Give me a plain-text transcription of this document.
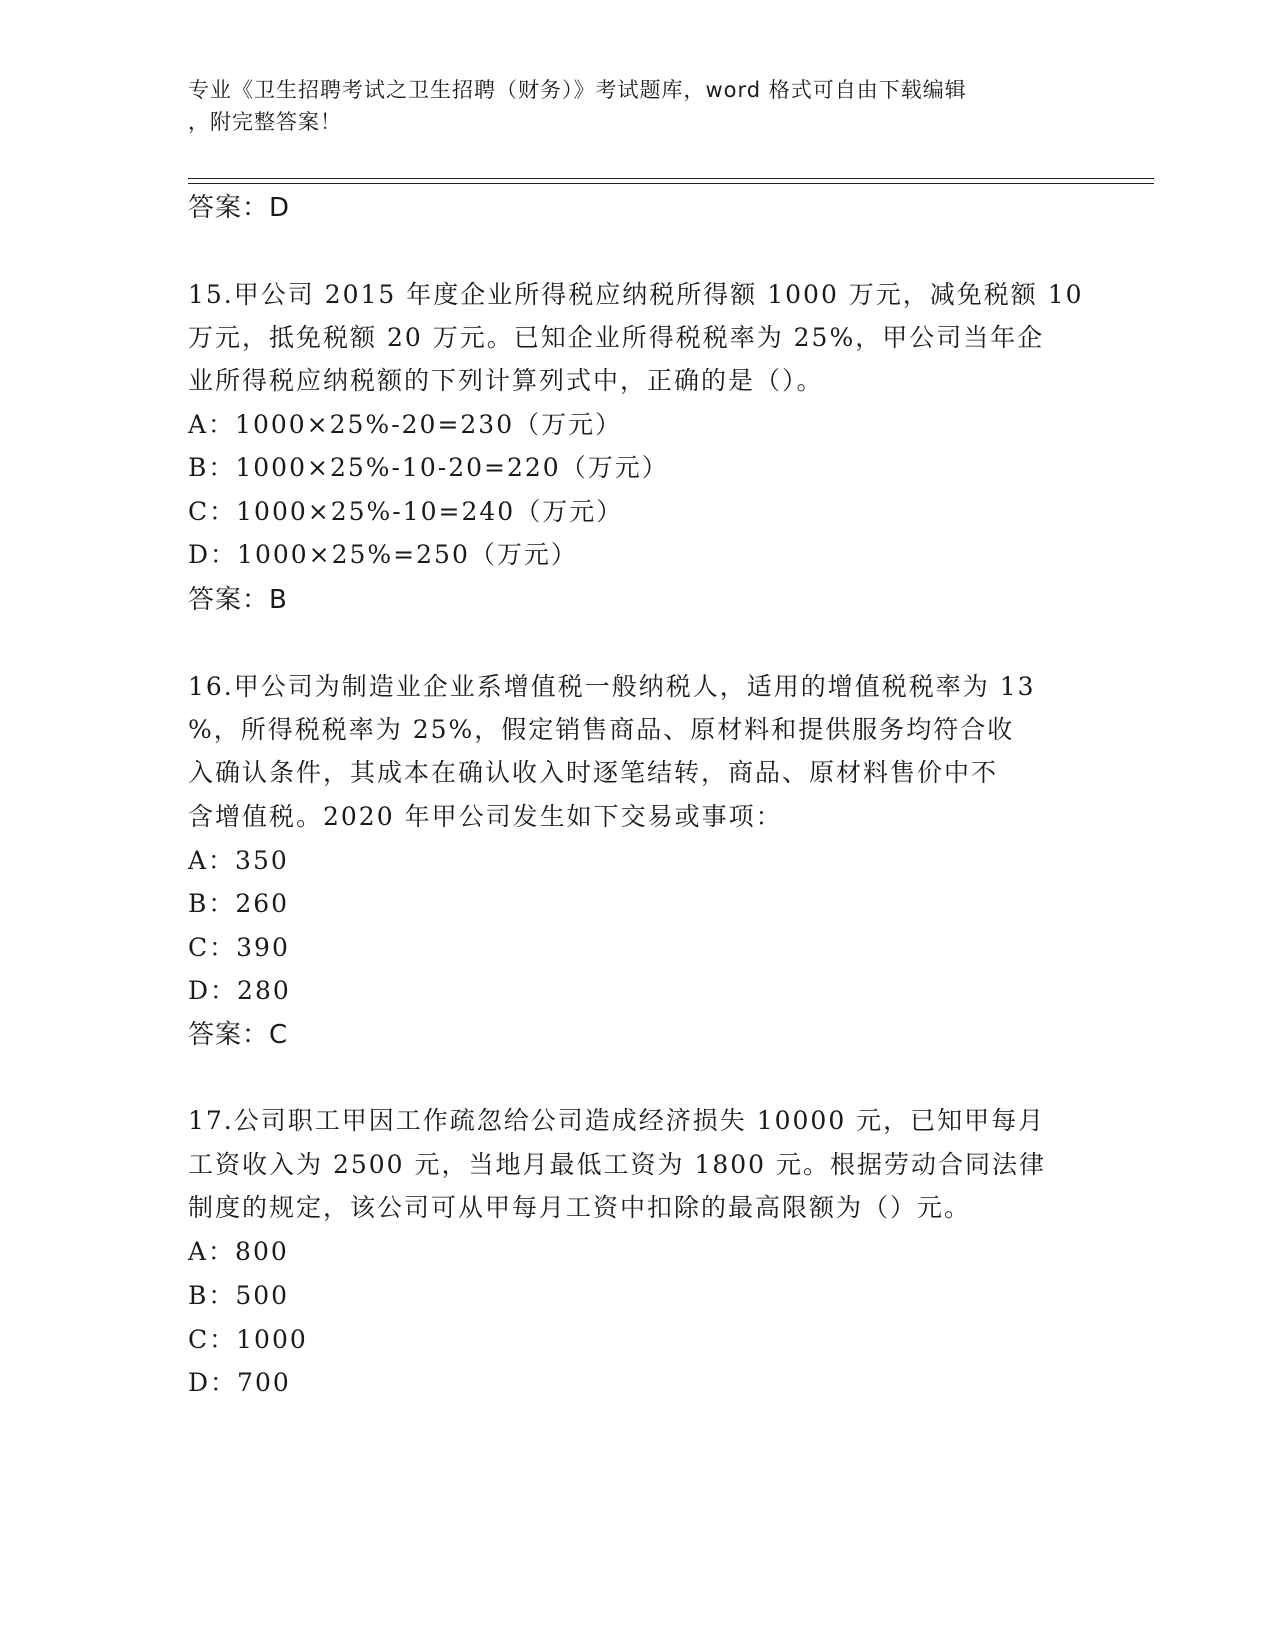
专业《卫生招聘考试之卫生招聘（财务）》考试题库，word 格式可自由下载编辑
，附完整答案！
答案：D
15.甲公司 2015 年度企业所得税应纳税所得额 1000 万元，减免税额 10
万元，抵免税额 20 万元。已知企业所得税税率为 25%，甲公司当年企
业所得税应纳税额的下列计算列式中，正确的是（）。
A：1000×25%-20=230（万元）
B：1000×25%-10-20=220（万元）
C：1000×25%-10=240（万元）
D：1000×25%=250（万元）
答案：B
16.甲公司为制造业企业系增值税一般纳税人，适用的增值税税率为 13
%，所得税税率为 25%，假定销售商品、原材料和提供服务均符合收
入确认条件，其成本在确认收入时逐笔结转，商品、原材料售价中不
含增值税。2020 年甲公司发生如下交易或事项：
A：350
B：260
C：390
D：280
答案：C
17.公司职工甲因工作疏忽给公司造成经济损失 10000 元，已知甲每月
工资收入为 2500 元，当地月最低工资为 1800 元。根据劳动合同法律
制度的规定，该公司可从甲每月工资中扣除的最高限额为（）元。
A：800
B：500
C：1000
D：700
